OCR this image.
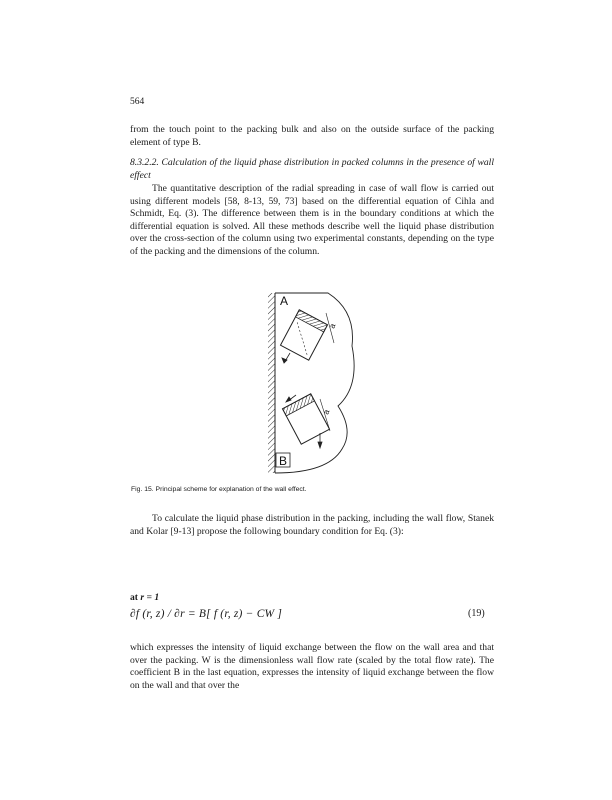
564

from the touch point to the packing bulk and also on the outside surface of the packing element of type B.

8.3.2.2. Calculation of the liquid phase distribution in packed columns in the presence of wall effect

The quantitative description of the radial spreading in case of wall flow is carried out using different models [58, 8-13, 59, 73] based on the differential equation of Cihla and Schmidt, Eq. (3). The difference between them is in the boundary conditions at which the differential equation is solved. All these methods describe well the liquid phase distribution over the cross-section of the column using two experimental constants, depending on the type of the packing and the dimensions of the column.

A
B
a
a
Fig. 15. Principal scheme for explanation of the wall effect.

To calculate the liquid phase distribution in the packing, including the wall flow, Stanek and Kolar [9-13] propose the following boundary condition for Eq. (3):

at r = 1
∂f (r, z) / ∂r = B[ f (r, z) − CW ]	(19)

which expresses the intensity of liquid exchange between the flow on the wall area and that over the packing. W is the dimensionless wall flow rate (scaled by the total flow rate). The coefficient B in the last equation, expresses the intensity of liquid exchange between the flow on the wall and that over the
